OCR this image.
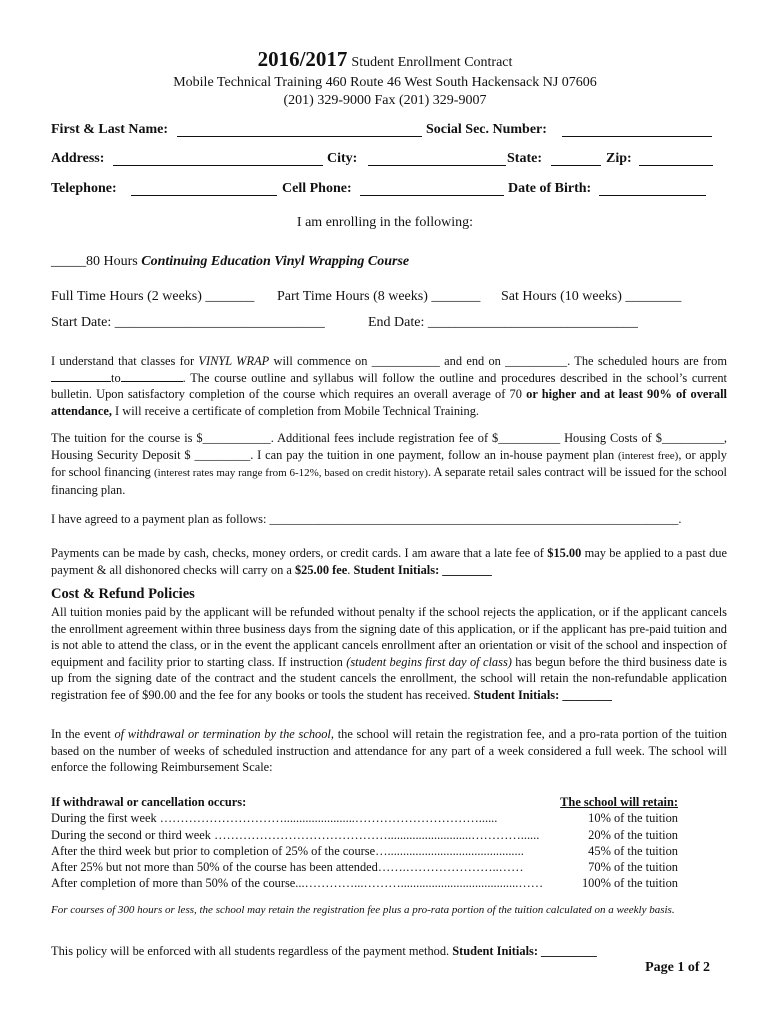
2016/2017 Student Enrollment Contract
Mobile Technical Training 460 Route 46 West South Hackensack NJ 07606
(201) 329-9000 Fax (201) 329-9007
First & Last Name:	Social Sec. Number:
Address:	City:	State:	Zip:
Telephone:	Cell Phone:	Date of Birth:
I am enrolling in the following:
_____80 Hours Continuing Education Vinyl Wrapping Course
Full Time Hours (2 weeks) _______ Part Time Hours (8 weeks) _______ Sat Hours (10 weeks) ________
Start Date: ______________________________	End Date: ______________________________
I understand that classes for VINYL WRAP will commence on ___________ and end on __________. The scheduled hours are from to	. The course outline and syllabus will follow the outline and procedures described in the school’s current bulletin. Upon satisfactory completion of the course which requires an overall average of 70 or higher and at least 90% of overall attendance, I will receive a certificate of completion from Mobile Technical Training.
The tuition for the course is $___________. Additional fees include registration fee of $__________ Housing Costs of $__________, Housing Security Deposit $ _________. I can pay the tuition in one payment, follow an in-house payment plan (interest free), or apply for school financing (interest rates may range from 6-12%, based on credit history). A separate retail sales contract will be issued for the school financing plan.
I have agreed to a payment plan as follows: __________________________________________________________________.
Payments can be made by cash, checks, money orders, or credit cards. I am aware that a late fee of $15.00 may be applied to a past due payment & all dishonored checks will carry on a $25.00 fee. Student Initials: ________
Cost & Refund Policies
All tuition monies paid by the applicant will be refunded without penalty if the school rejects the application, or if the applicant cancels the enrollment agreement within three business days from the signing date of this application, or if the applicant has pre-paid tuition and is not able to attend the class, or in the event the applicant cancels enrollment after an orientation or visit of the school and inspection of equipment and facility prior to starting class. If instruction (student begins first day of class) has begun before the third business date is up from the signing date of the contract and the student cancels the enrollment, the school will retain the non-refundable application registration fee of $90.00 and the fee for any books or tools the student has received. Student Initials: ________
In the event of withdrawal or termination by the school, the school will retain the registration fee, and a pro-rata portion of the tuition based on the number of weeks of scheduled instruction and attendance for any part of a week considered a full week. The school will enforce the following Reimbursement Scale:
If withdrawal or cancellation occurs:	The school will retain:
During the first week ………………………….......................…………………………......	10% of the tuition
During the second or third week ……………………………………...........................…………......	20% of the tuition
After the third week but prior to completion of 25% of the course…............................................	45% of the tuition
After 25% but not more than 50% of the course has been attended…….…………………..……	70% of the tuition
After completion of more than 50% of the course...…………...………......................................……	100% of the tuition
For courses of 300 hours or less, the school may retain the registration fee plus a pro-rata portion of the tuition calculated on a weekly basis.
This policy will be enforced with all students regardless of the payment method. Student Initials: _________
Page 1 of 2
